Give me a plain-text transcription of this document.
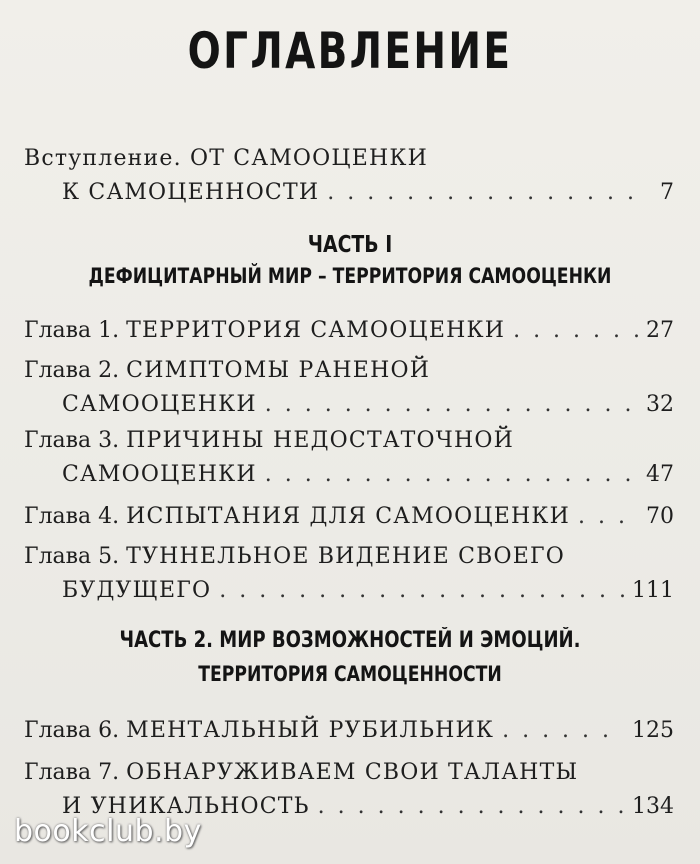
ОГЛАВЛЕНИЕ
Вступление. ОТ САМООЦЕНКИ
К САМОЦЕННОСТИ . . .	7
ЧАСТЬ I
ДЕФИЦИТАРНЫЙ МИР – ТЕРРИТОРИЯ САМООЦЕНКИ
Глава 1.
ТЕРРИТОРИЯ САМООЦЕНКИ . . .	27
Глава 2. СИМПТОМЫ РАНЕНОЙ
САМООЦЕНКИ . . .	32
Глава 3. ПРИЧИНЫ НЕДОСТАТОЧНОЙ
САМООЦЕНКИ . . .	47
Глава 4.
ИСПЫТАНИЯ ДЛЯ САМООЦЕНКИ . . .	70
Глава 5. ТУННЕЛЬНОЕ ВИДЕНИЕ СВОЕГО
БУДУЩЕГО . . .	111
ЧАСТЬ 2. МИР ВОЗМОЖНОСТЕЙ И ЭМОЦИЙ.
ТЕРРИТОРИЯ САМОЦЕННОСТИ
Глава 6.
МЕНТАЛЬНЫЙ РУБИЛЬНИК . . .	125
Глава 7. ОБНАРУЖИВАЕМ СВОИ ТАЛАНТЫ
И УНИКАЛЬНОСТЬ . . .	134
bookclub.by
